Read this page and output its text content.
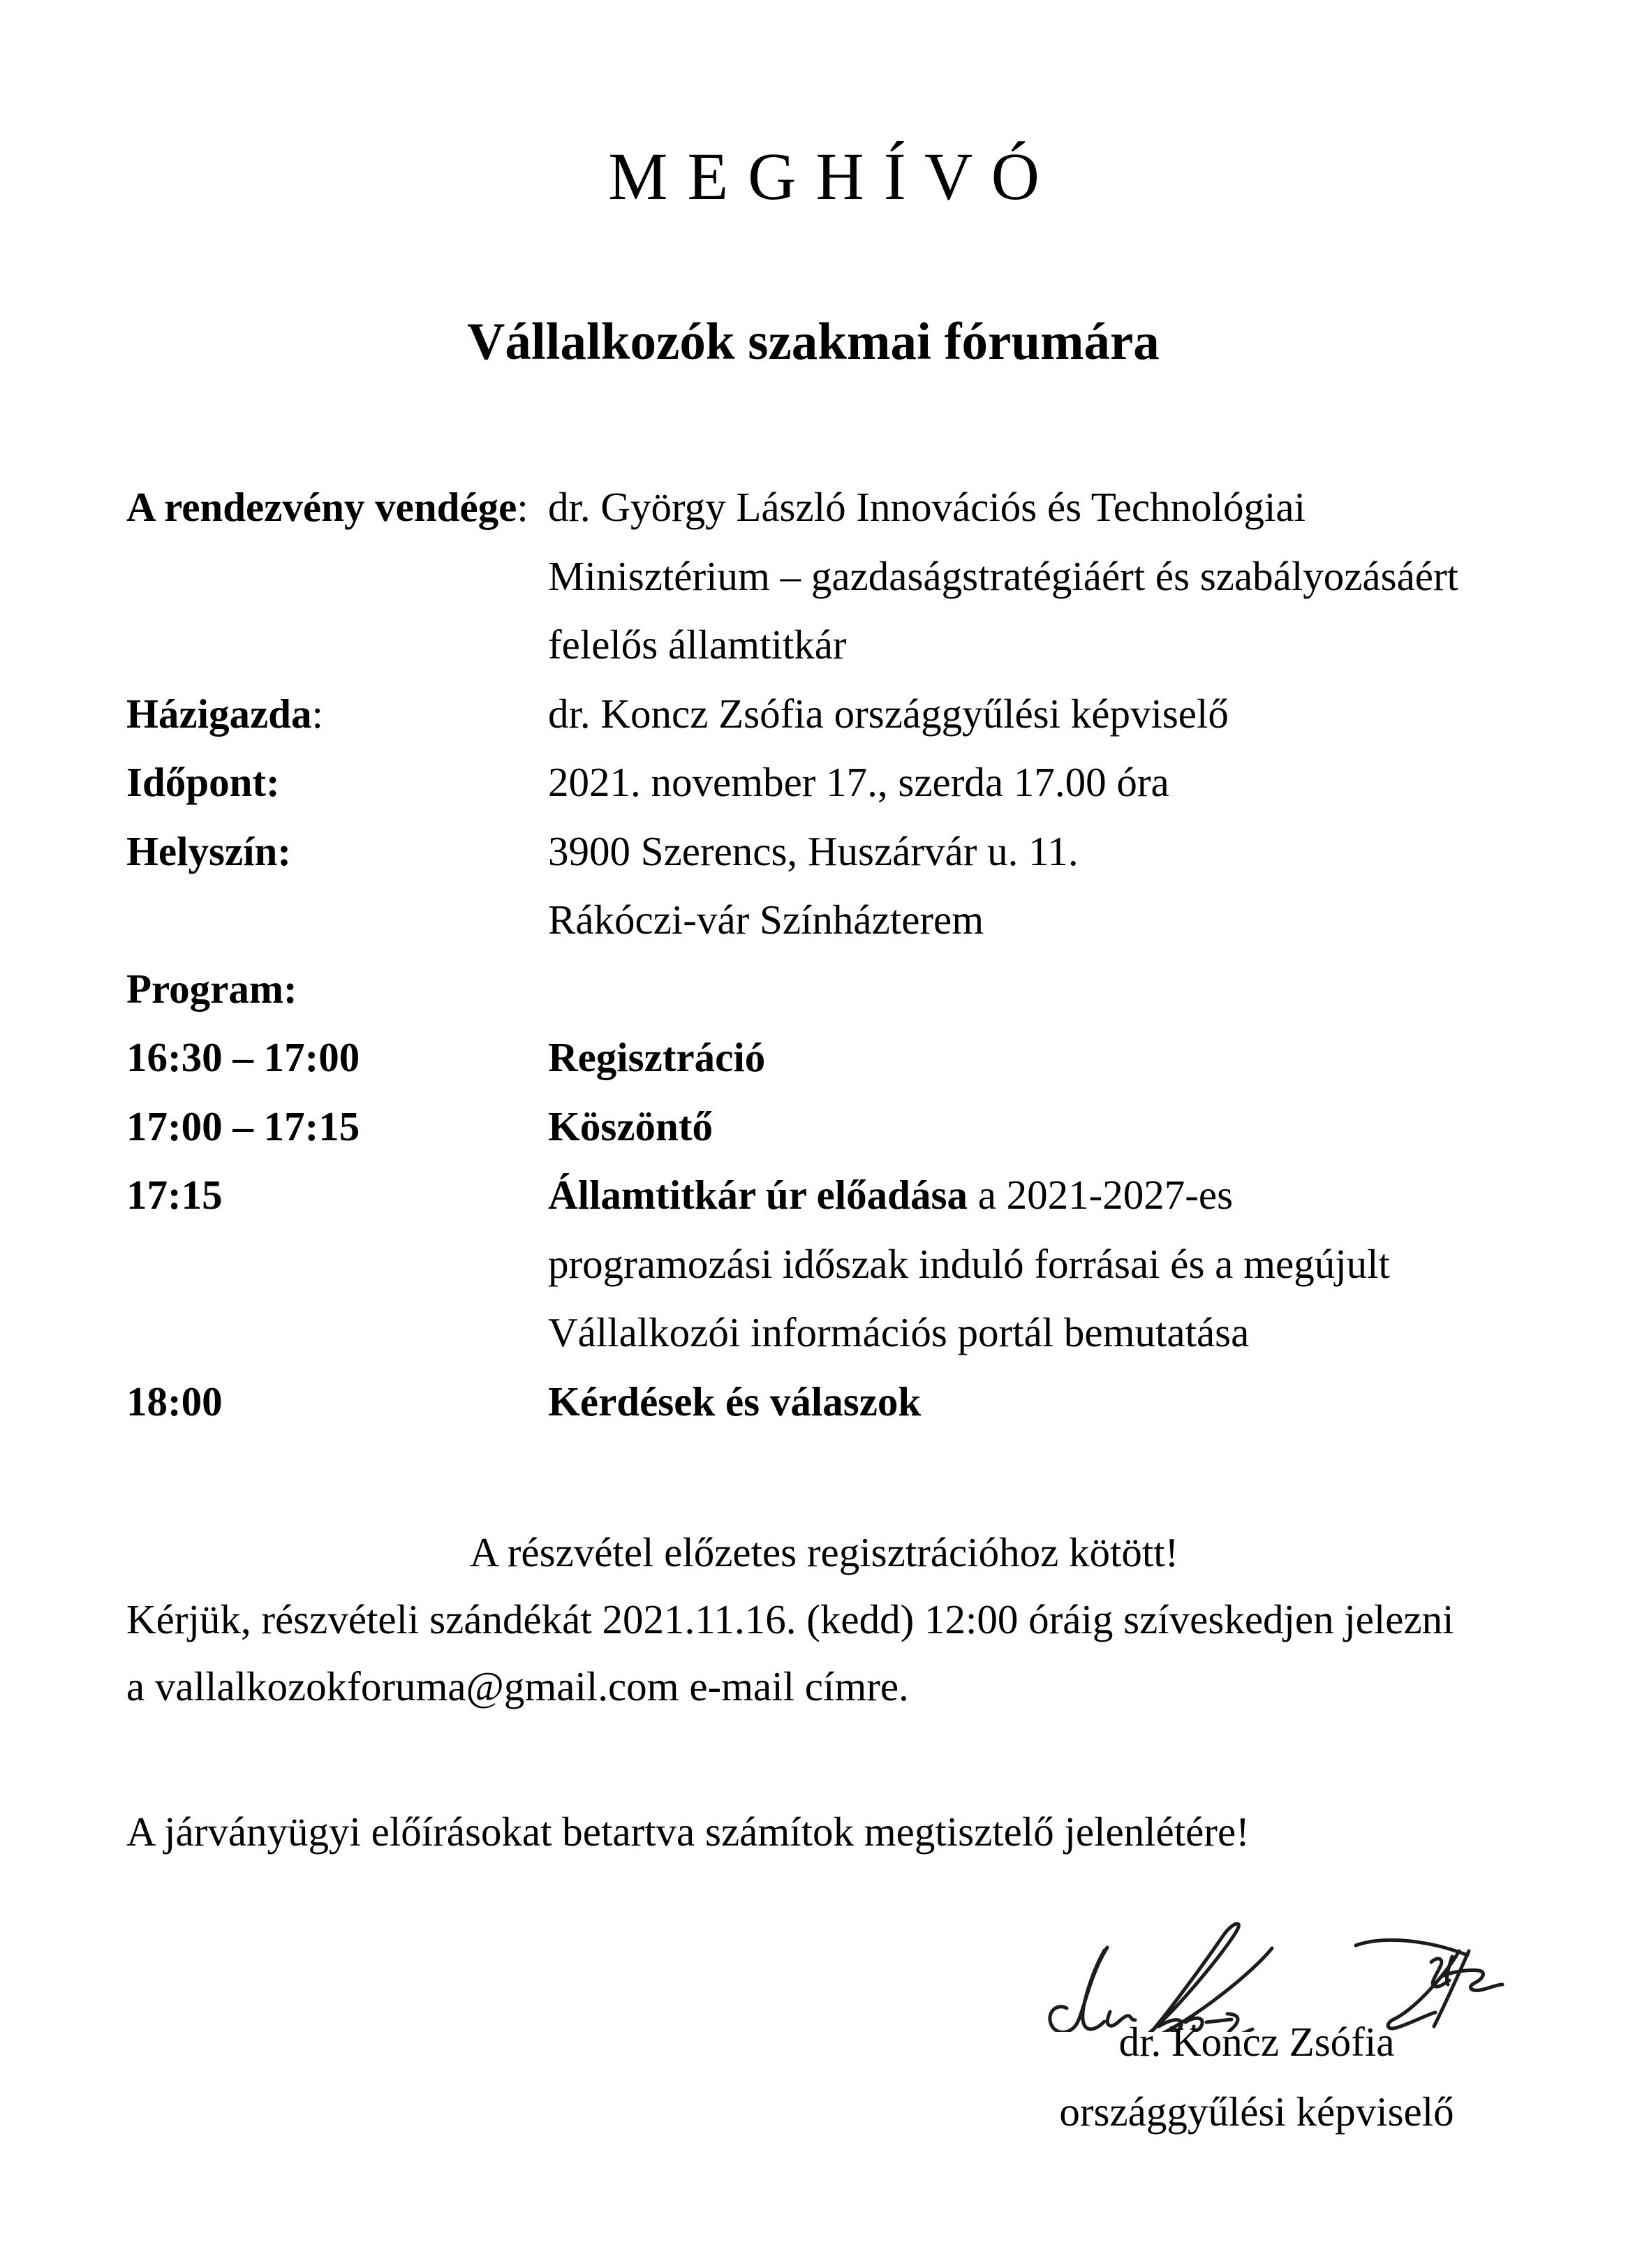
M E G H Í V Ó
Vállalkozók szakmai fórumára
A rendezvény vendége: dr. György László Innovációs és Technológiai
Minisztérium – gazdaságstratégiáért és szabályozásáért
felelős államtitkár
Házigazda:	dr. Koncz Zsófia országgyűlési képviselő
Időpont:	2021. november 17., szerda 17.00 óra
Helyszín:	3900 Szerencs, Huszárvár u. 11.
Rákóczi-vár Színházterem
Program:
16:30 – 17:00	Regisztráció
17:00 – 17:15	Köszöntő
17:15	Államtitkár úr előadása a 2021-2027-es
programozási időszak induló forrásai és a megújult
Vállalkozói információs portál bemutatása
18:00	Kérdések és válaszok

A részvétel előzetes regisztrációhoz kötött!

Kérjük, részvételi szándékát 2021.11.16. (kedd) 12:00 óráig szíveskedjen jelezni

a vallalkozokforuma@gmail.com e-mail címre.

A járványügyi előírásokat betartva számítok megtisztelő jelenlétére!

dr. Koncz Zsófia

országgyűlési képviselő
